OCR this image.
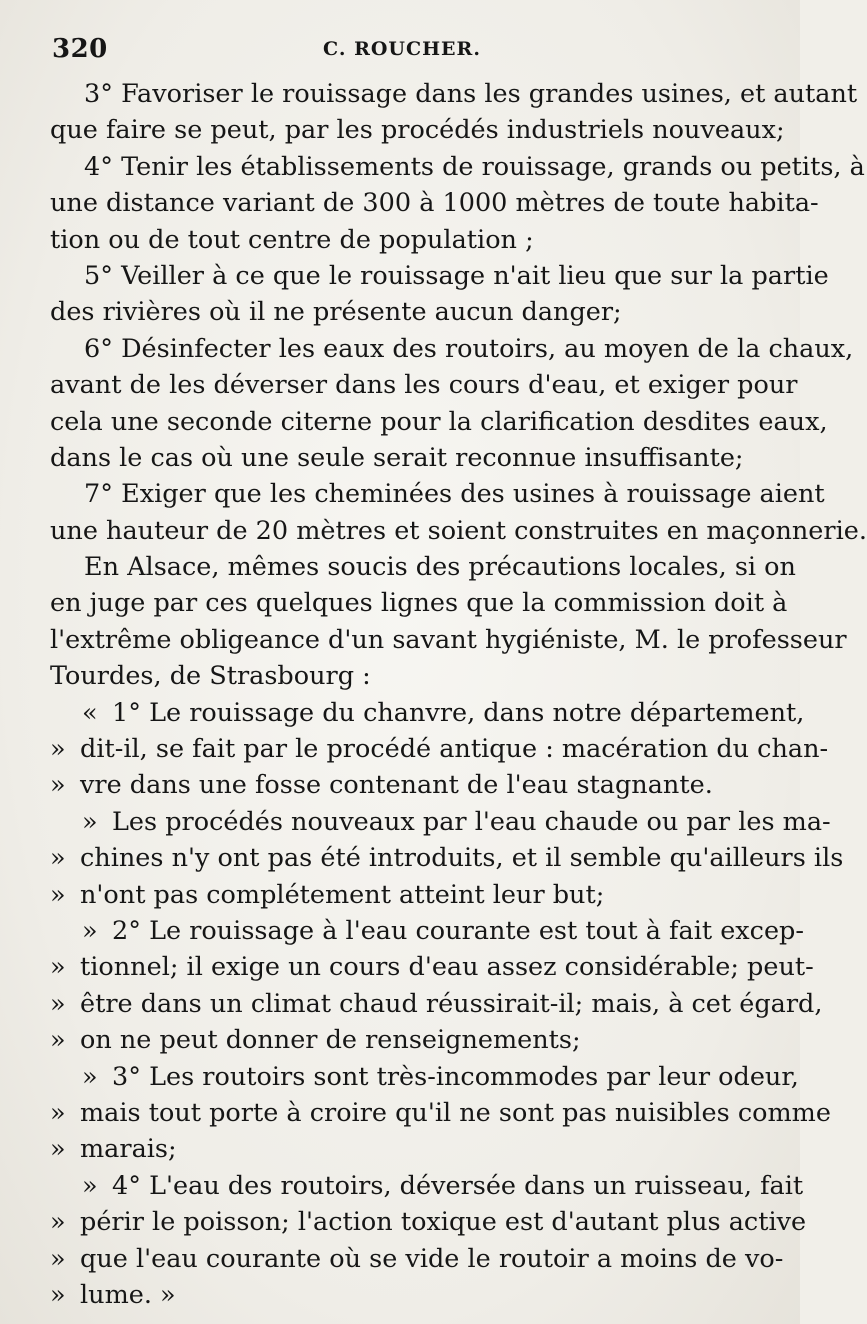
320	C. ROUCHER.
3° Favoriser le rouissage dans les grandes usines, et autant
que faire se peut, par les procédés industriels nouveaux;
4° Tenir les établissements de rouissage, grands ou petits, à
une distance variant de 300 à 1000 mètres de toute habita-
tion ou de tout centre de population ;
5° Veiller à ce que le rouissage n'ait lieu que sur la partie
des rivières où il ne présente aucun danger;
6° Désinfecter les eaux des routoirs, au moyen de la chaux,
avant de les déverser dans les cours d'eau, et exiger pour
cela une seconde citerne pour la clarification desdites eaux,
dans le cas où une seule serait reconnue insuffisante;
7° Exiger que les cheminées des usines à rouissage aient
une hauteur de 20 mètres et soient construites en maçonnerie.
En Alsace, mêmes soucis des précautions locales, si on
en juge par ces quelques lignes que la commission doit à
l'extrême obligeance d'un savant hygiéniste, M. le professeur
Tourdes, de Strasbourg :
« 1° Le rouissage du chanvre, dans notre département,
» dit-il, se fait par le procédé antique : macération du chan-
» vre dans une fosse contenant de l'eau stagnante.
» Les procédés nouveaux par l'eau chaude ou par les ma-
» chines n'y ont pas été introduits, et il semble qu'ailleurs ils
» n'ont pas complétement atteint leur but;
» 2° Le rouissage à l'eau courante est tout à fait excep-
» tionnel; il exige un cours d'eau assez considérable; peut-
» être dans un climat chaud réussirait-il; mais, à cet égard,
» on ne peut donner de renseignements;
» 3° Les routoirs sont très-incommodes par leur odeur,
» mais tout porte à croire qu'il ne sont pas nuisibles comme
» marais;
» 4° L'eau des routoirs, déversée dans un ruisseau, fait
» périr le poisson; l'action toxique est d'autant plus active
» que l'eau courante où se vide le routoir a moins de vo-
» lume. »
